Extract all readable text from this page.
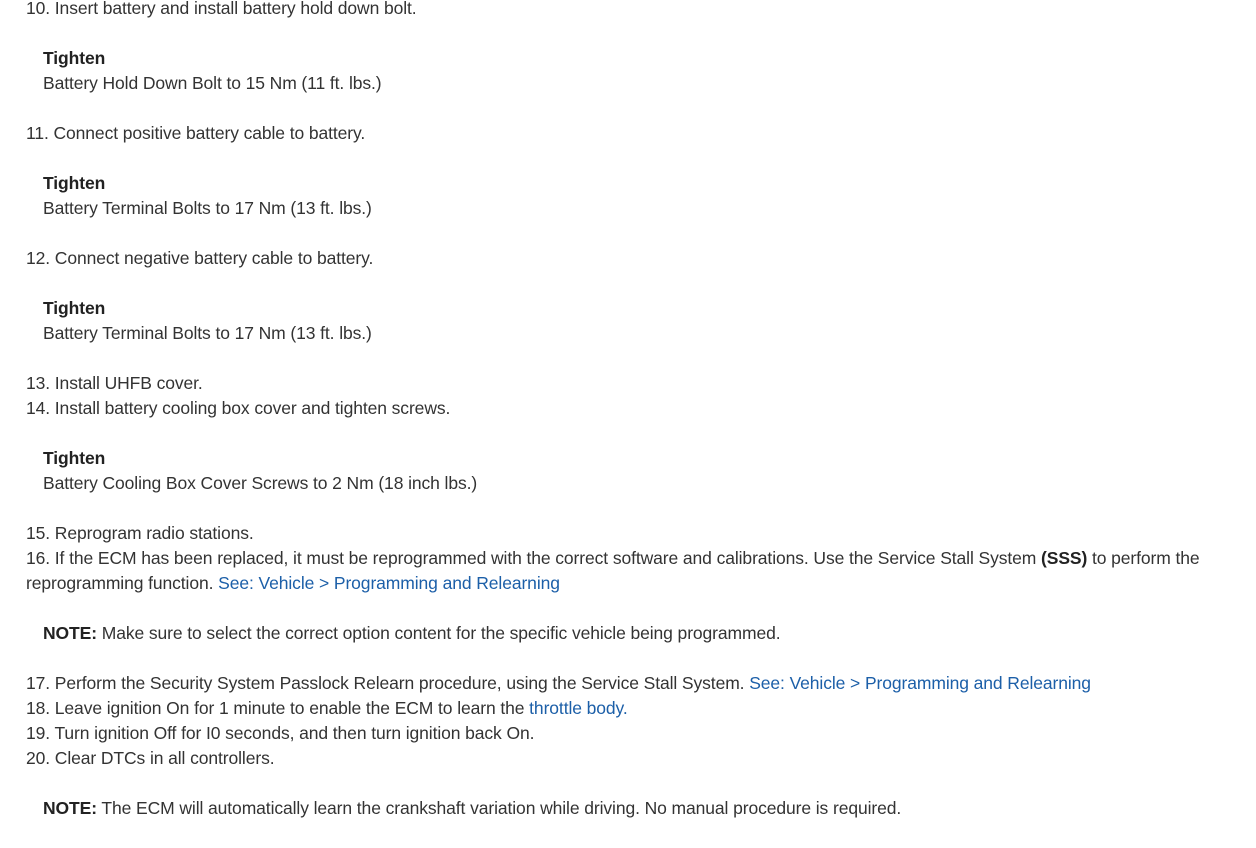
10. Insert battery and install battery hold down bolt.
Tighten
Battery Hold Down Bolt to 15 Nm (11 ft. lbs.)
11. Connect positive battery cable to battery.
Tighten
Battery Terminal Bolts to 17 Nm (13 ft. lbs.)
12. Connect negative battery cable to battery.
Tighten
Battery Terminal Bolts to 17 Nm (13 ft. lbs.)
13. Install UHFB cover.
14. Install battery cooling box cover and tighten screws.
Tighten
Battery Cooling Box Cover Screws to 2 Nm (18 inch lbs.)
15. Reprogram radio stations.
16. If the ECM has been replaced, it must be reprogrammed with the correct software and calibrations. Use the Service Stall System (SSS) to perform the reprogramming function. See: Vehicle > Programming and Relearning
NOTE: Make sure to select the correct option content for the specific vehicle being programmed.
17. Perform the Security System Passlock Relearn procedure, using the Service Stall System. See: Vehicle > Programming and Relearning
18. Leave ignition On for 1 minute to enable the ECM to learn the throttle body.
19. Turn ignition Off for I0 seconds, and then turn ignition back On.
20. Clear DTCs in all controllers.
NOTE: The ECM will automatically learn the crankshaft variation while driving. No manual procedure is required.
